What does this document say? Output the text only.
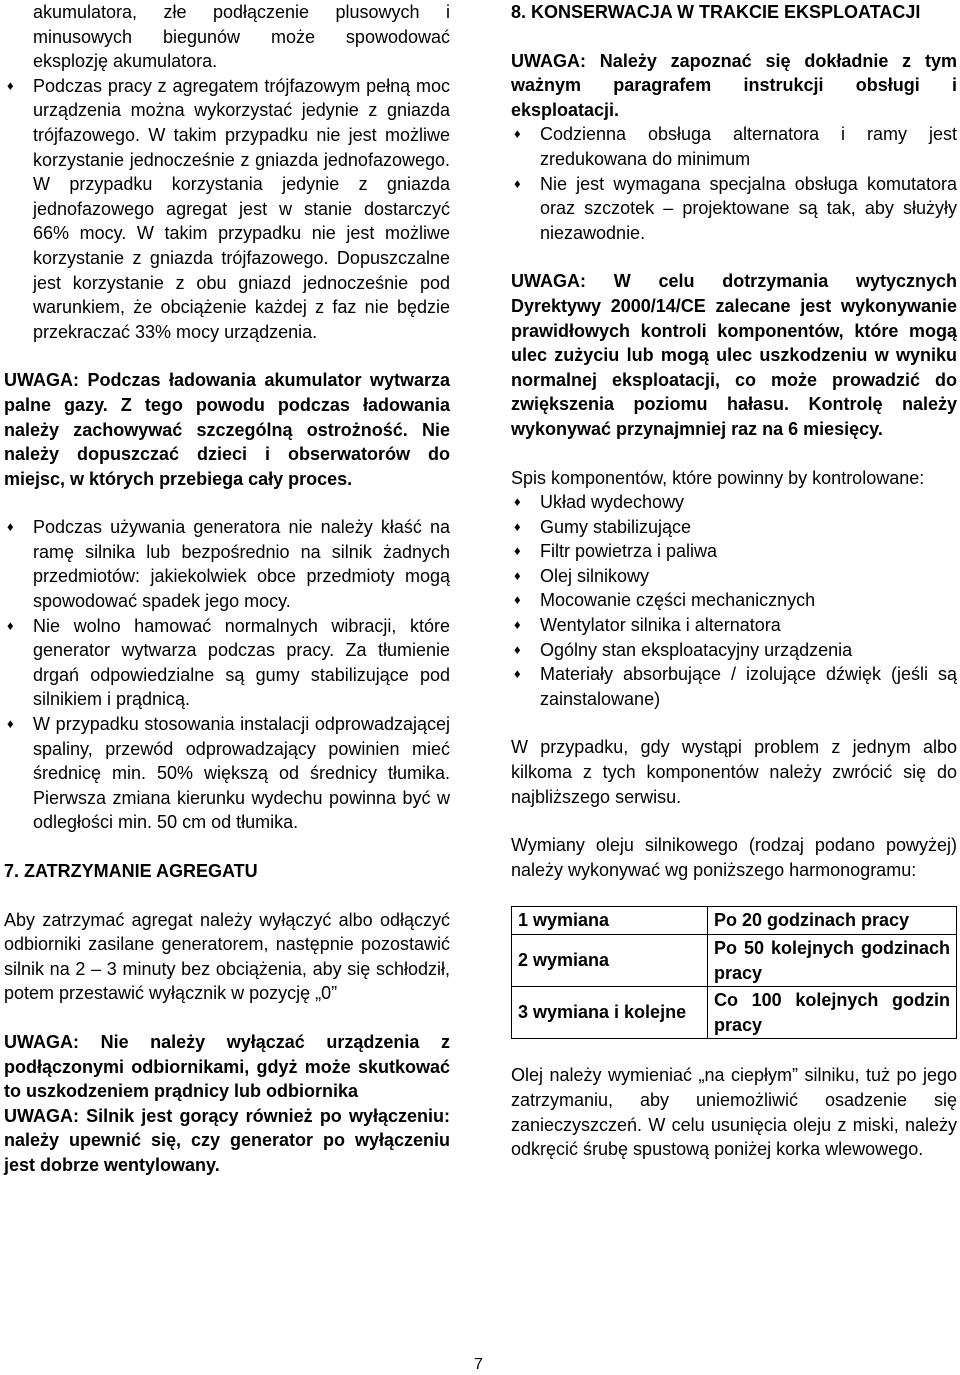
akumulatora, złe podłączenie plusowych i minusowych biegunów może spowodować eksplozję akumulatora.

♦ Podczas pracy z agregatem trójfazowym pełną moc urządzenia można wykorzystać jedynie z gniazda trójfazowego. W takim przypadku nie jest możliwe korzystanie jednocześnie z gniazda jednofazowego. W przypadku korzystania jedynie z gniazda jednofazowego agregat jest w stanie dostarczyć 66% mocy. W takim przypadku nie jest możliwe korzystanie z gniazda trójfazowego. Dopuszczalne jest korzystanie z obu gniazd jednocześnie pod warunkiem, że obciążenie każdej z faz nie będzie przekraczać 33% mocy urządzenia.

UWAGA: Podczas ładowania akumulator wytwarza palne gazy. Z tego powodu podczas ładowania należy zachowywać szczególną ostrożność. Nie należy dopuszczać dzieci i obserwatorów do miejsc, w których przebiega cały proces.

♦ Podczas używania generatora nie należy kłaść na ramę silnika lub bezpośrednio na silnik żadnych przedmiotów: jakiekolwiek obce przedmioty mogą spowodować spadek jego mocy.
♦ Nie wolno hamować normalnych wibracji, które generator wytwarza podczas pracy. Za tłumienie drgań odpowiedzialne są gumy stabilizujące pod silnikiem i prądnicą.
♦ W przypadku stosowania instalacji odprowadzającej spaliny, przewód odprowadzający powinien mieć średnicę min. 50% większą od średnicy tłumika. Pierwsza zmiana kierunku wydechu powinna być w odległości min. 50 cm od tłumika.
7. ZATRZYMANIE AGREGATU

Aby zatrzymać agregat należy wyłączyć albo odłączyć odbiorniki zasilane generatorem, następnie pozostawić silnik na 2 – 3 minuty bez obciążenia, aby się schłodził, potem przestawić wyłącznik w pozycję „0”

UWAGA: Nie należy wyłączać urządzenia z podłączonymi odbiornikami, gdyż może skutkować to uszkodzeniem prądnicy lub odbiornika

UWAGA: Silnik jest gorący również po wyłączeniu: należy upewnić się, czy generator po wyłączeniu jest dobrze wentylowany.

8. KONSERWACJA W TRAKCIE EKSPLOATACJI

UWAGA: Należy zapoznać się dokładnie z tym ważnym paragrafem instrukcji obsługi i eksploatacji.

♦ Codzienna obsługa alternatora i ramy jest zredukowana do minimum
♦ Nie jest wymagana specjalna obsługa komutatora oraz szczotek – projektowane są tak, aby służyły niezawodnie.

UWAGA: W celu dotrzymania wytycznych Dyrektywy 2000/14/CE zalecane jest wykonywanie prawidłowych kontroli komponentów, które mogą ulec zużyciu lub mogą ulec uszkodzeniu w wyniku normalnej eksploatacji, co może prowadzić do zwiększenia poziomu hałasu. Kontrolę należy wykonywać przynajmniej raz na 6 miesięcy.

Spis komponentów, które powinny by kontrolowane:

♦ Układ wydechowy
♦ Gumy stabilizujące
♦ Filtr powietrza i paliwa
♦ Olej silnikowy
♦ Mocowanie części mechanicznych
♦ Wentylator silnika i alternatora
♦ Ogólny stan eksploatacyjny urządzenia
♦ Materiały absorbujące / izolujące dźwięk (jeśli są zainstalowane)

W przypadku, gdy wystąpi problem z jednym albo kilkoma z tych komponentów należy zwrócić się do najbliższego serwisu.

Wymiany oleju silnikowego (rodzaj podano powyżej) należy wykonywać wg poniższego harmonogramu:

1 wymiana	Po 20 godzinach pracy
2 wymiana	Po 50 kolejnych godzinach pracy
3 wymiana i kolejne	Co 100 kolejnych godzin pracy

Olej należy wymieniać „na ciepłym” silniku, tuż po jego zatrzymaniu, aby uniemożliwić osadzenie się zanieczyszczeń. W celu usunięcia oleju z miski, należy odkręcić śrubę spustową poniżej korka wlewowego.

7
